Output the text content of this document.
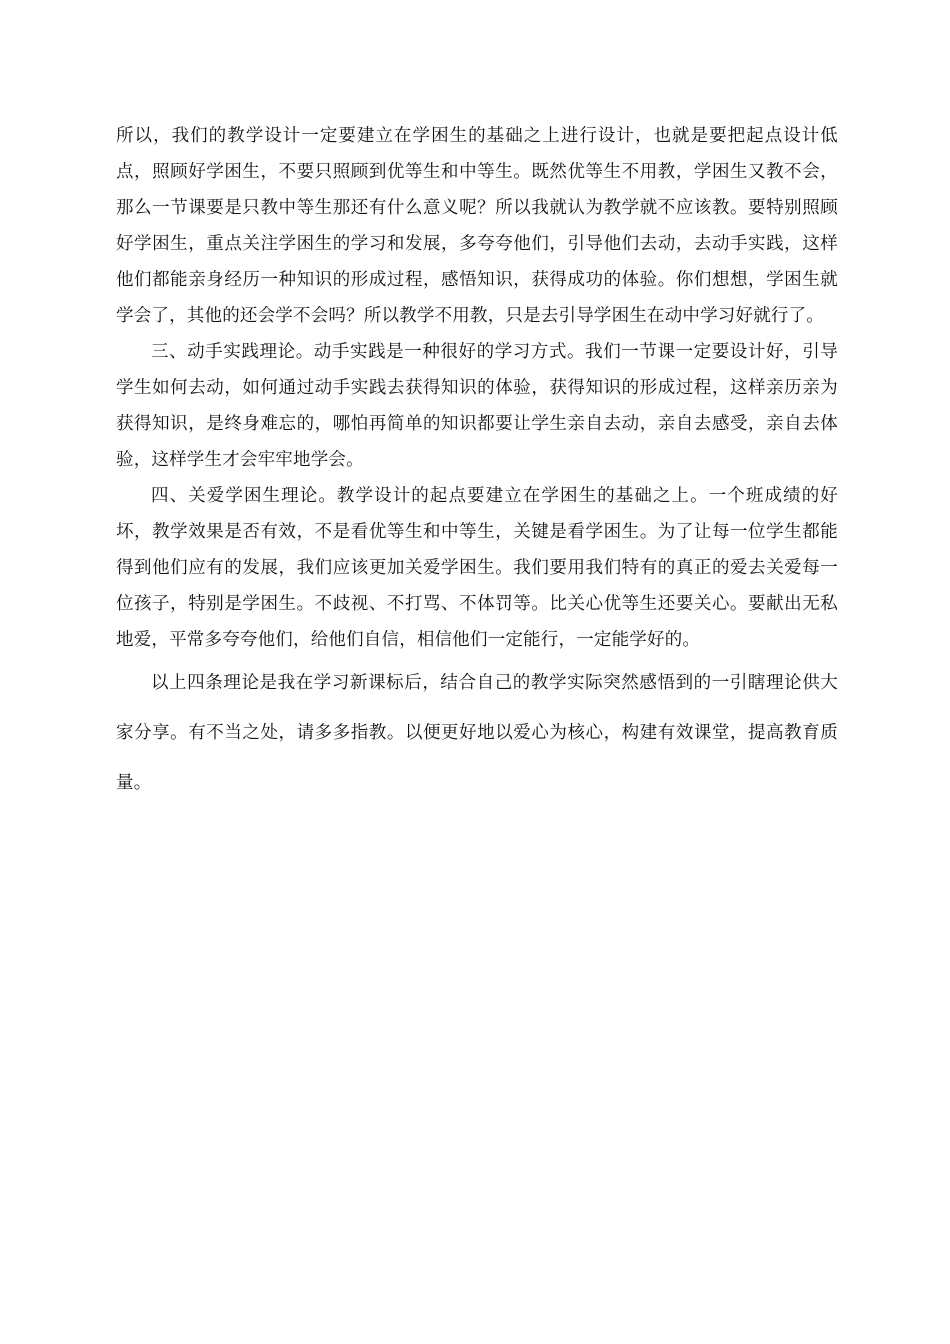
所以，我们的教学设计一定要建立在学困生的基础之上进行设计，也就是要把起点设计低点，照顾好学困生，不要只照顾到优等生和中等生。既然优等生不用教，学困生又教不会，那么一节课要是只教中等生那还有什么意义呢？所以我就认为教学就不应该教。要特别照顾好学困生，重点关注学困生的学习和发展，多夸夸他们，引导他们去动，去动手实践，这样他们都能亲身经历一种知识的形成过程，感悟知识，获得成功的体验。你们想想，学困生就学会了，其他的还会学不会吗？所以教学不用教，只是去引导学困生在动中学习好就行了。

三、动手实践理论。动手实践是一种很好的学习方式。我们一节课一定要设计好，引导学生如何去动，如何通过动手实践去获得知识的体验，获得知识的形成过程，这样亲历亲为获得知识，是终身难忘的，哪怕再简单的知识都要让学生亲自去动，亲自去感受，亲自去体验，这样学生才会牢牢地学会。

四、关爱学困生理论。教学设计的起点要建立在学困生的基础之上。一个班成绩的好坏，教学效果是否有效，不是看优等生和中等生，关键是看学困生。为了让每一位学生都能得到他们应有的发展，我们应该更加关爱学困生。我们要用我们特有的真正的爱去关爱每一位孩子，特别是学困生。不歧视、不打骂、不体罚等。比关心优等生还要关心。要献出无私地爱，平常多夸夸他们，给他们自信，相信他们一定能行，一定能学好的。

以上四条理论是我在学习新课标后，结合自己的教学实际突然感悟到的一引瞎理论供大家分享。有不当之处，请多多指教。以便更好地以爱心为核心，构建有效课堂，提高教育质量。
